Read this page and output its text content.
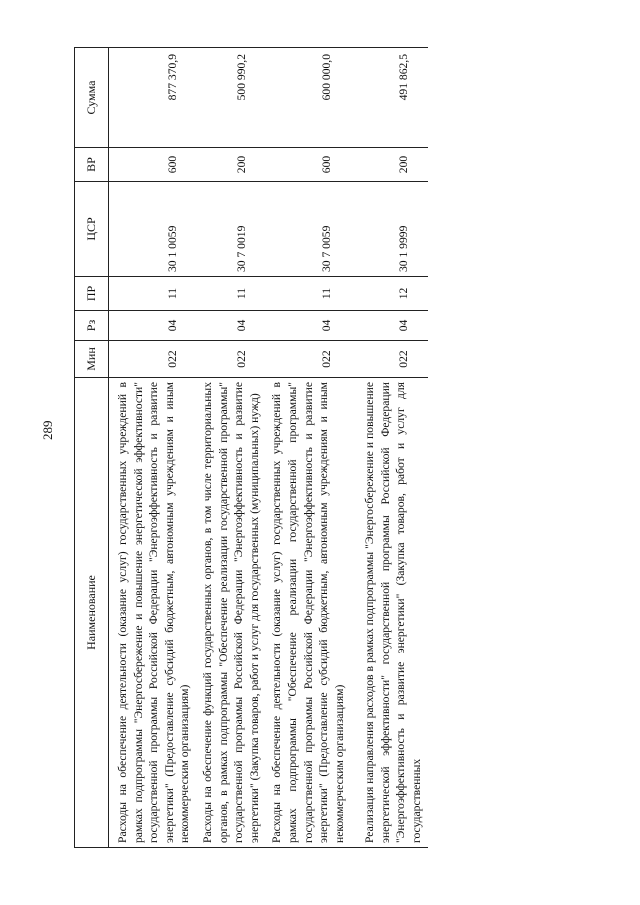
289
Наименование	Мин	Рз	ПР	ЦСР	ВР	Сумма
Расходы на обеспечение деятельности (оказание услуг) государственных учреждений в рамках подпрограммы "Энергосбережение и повышение энергетической эффективности" государственной программы Российской Федерации "Энергоэффективность и развитие энергетики" (Предоставление субсидий бюджетным, автономным учреждениям и иным некоммерческим организациям)	022	04	11	30 1 0059	600	877 370,9
Расходы на обеспечение функций государственных органов, в том числе территориальных органов, в рамках подпрограммы "Обеспечение реализации государственной программы" государственной программы Российской Федерации "Энергоэффективность и развитие энергетики" (Закупка товаров, работ и услуг для государственных (муниципальных) нужд)	022	04	11	30 7 0019	200	500 990,2
Расходы на обеспечение деятельности (оказание услуг) государственных учреждений в рамках подпрограммы "Обеспечение реализации государственной программы" государственной программы Российской Федерации "Энергоэффективность и развитие энергетики" (Предоставление субсидий бюджетным, автономным учреждениям и иным некоммерческим организациям)	022	04	11	30 7 0059	600	600 000,0
Реализация направления расходов в рамках подпрограммы "Энергосбережение и повышение энергетической эффективности" государственной программы Российской Федерации "Энергоэффективность и развитие энергетики" (Закупка товаров, работ и услуг для государственных	022	04	12	30 1 9999	200	491 862,5
